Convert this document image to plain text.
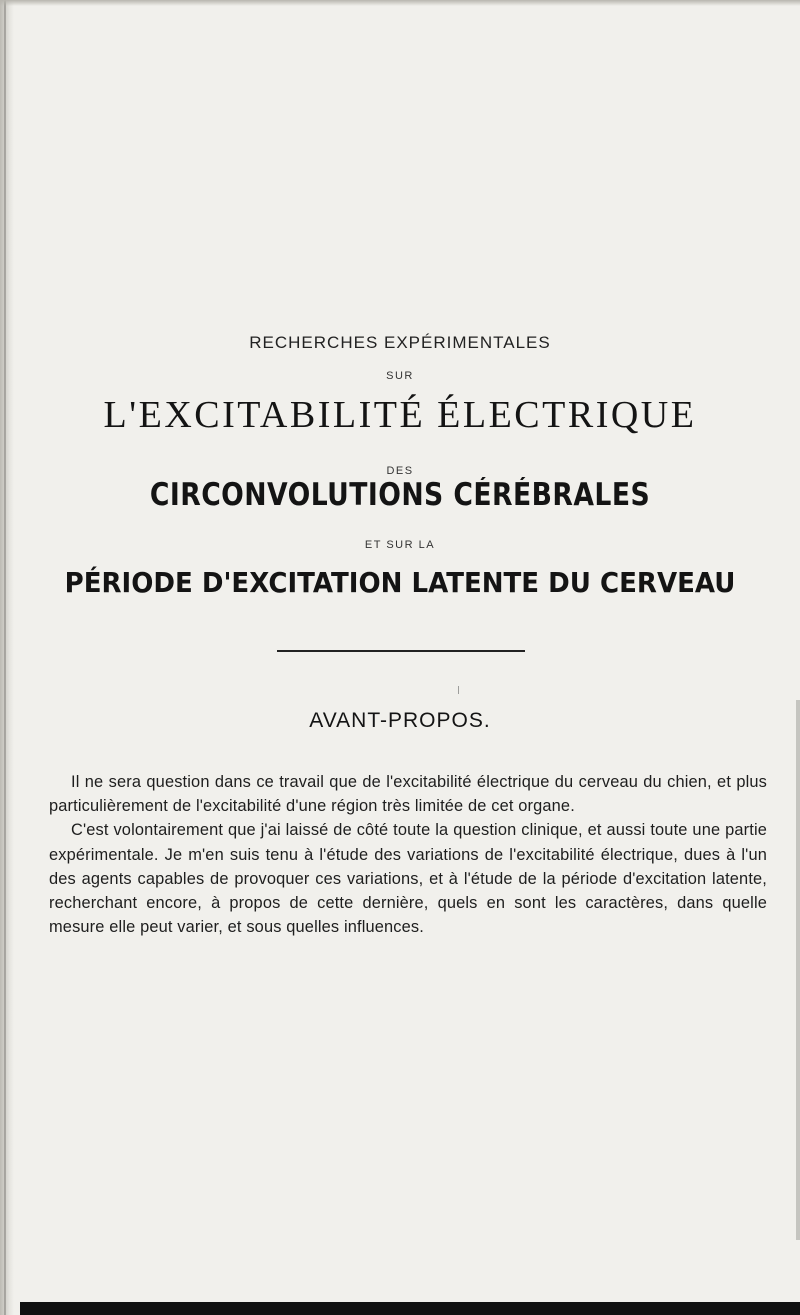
RECHERCHES EXPÉRIMENTALES
SUR
L'EXCITABILITÉ ÉLECTRIQUE
DES
CIRCONVOLUTIONS CÉRÉBRALES
ET SUR LA
PÉRIODE D'EXCITATION LATENTE DU CERVEAU
AVANT-PROPOS.

Il ne sera question dans ce travail que de l'excitabilité électrique du cerveau du chien, et plus particulièrement de l'excitabilité d'une région très limitée de cet organe.

C'est volontairement que j'ai laissé de côté toute la question clinique, et aussi toute une partie expérimentale. Je m'en suis tenu à l'étude des variations de l'excitabilité électrique, dues à l'un des agents capables de provoquer ces variations, et à l'étude de la période d'excitation latente, recherchant encore, à propos de cette dernière, quels en sont les caractères, dans quelle mesure elle peut varier, et sous quelles influences.
